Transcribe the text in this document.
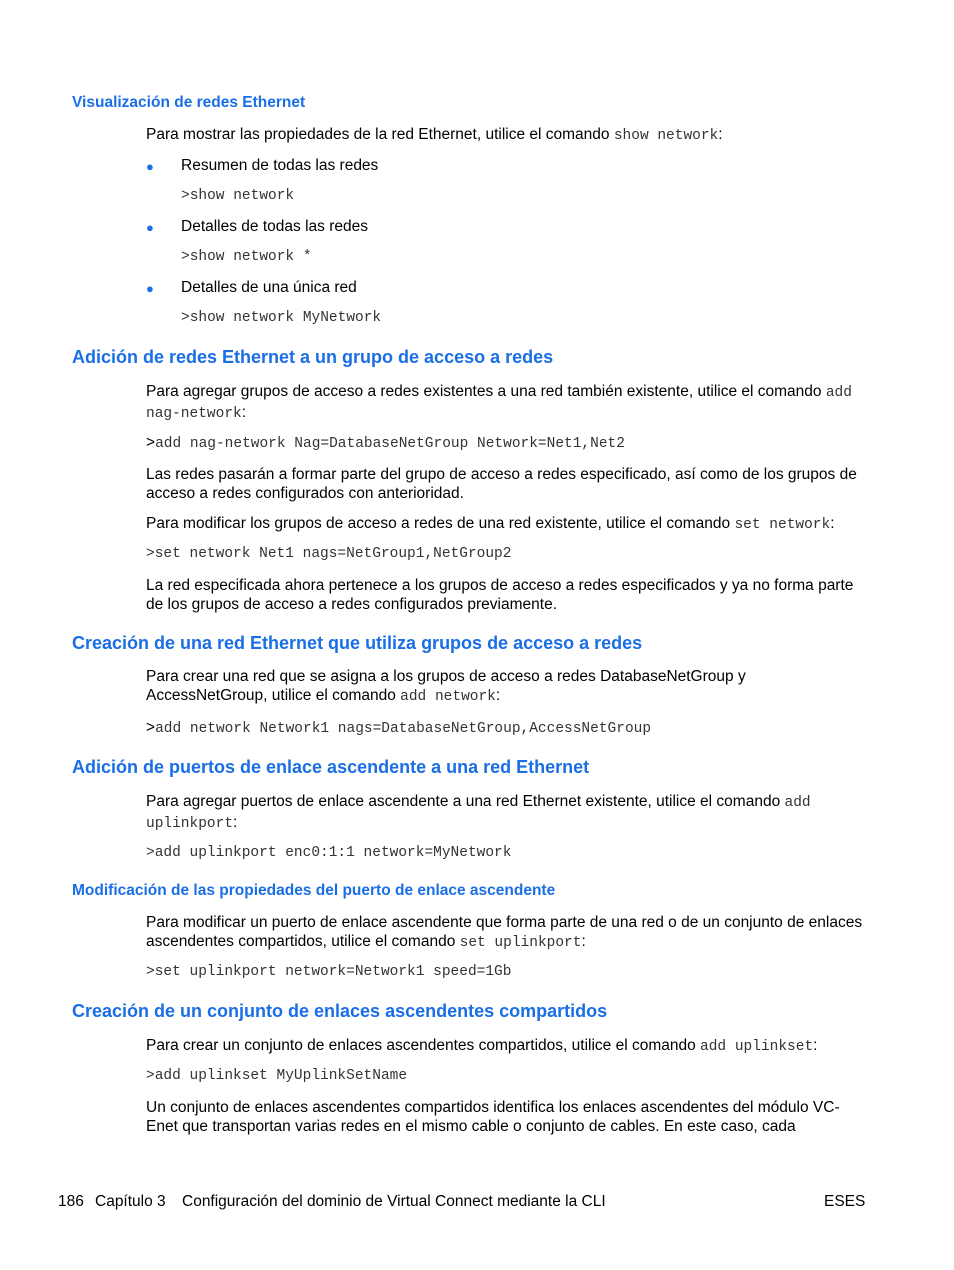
Visualización de redes Ethernet
Para mostrar las propiedades de la red Ethernet, utilice el comando show network:
● Resumen de todas las redes
>show network
● Detalles de todas las redes
>show network *
● Detalles de una única red
>show network MyNetwork
Adición de redes Ethernet a un grupo de acceso a redes
Para agregar grupos de acceso a redes existentes a una red también existente, utilice el comando add nag-network:
>add nag-network Nag=DatabaseNetGroup Network=Net1,Net2
Las redes pasarán a formar parte del grupo de acceso a redes especificado, así como de los grupos de acceso a redes configurados con anterioridad.
Para modificar los grupos de acceso a redes de una red existente, utilice el comando set network:
>set network Net1 nags=NetGroup1,NetGroup2
La red especificada ahora pertenece a los grupos de acceso a redes especificados y ya no forma parte de los grupos de acceso a redes configurados previamente.
Creación de una red Ethernet que utiliza grupos de acceso a redes
Para crear una red que se asigna a los grupos de acceso a redes DatabaseNetGroup y AccessNetGroup, utilice el comando add network:
>add network Network1 nags=DatabaseNetGroup,AccessNetGroup
Adición de puertos de enlace ascendente a una red Ethernet
Para agregar puertos de enlace ascendente a una red Ethernet existente, utilice el comando add uplinkport:
>add uplinkport enc0:1:1 network=MyNetwork
Modificación de las propiedades del puerto de enlace ascendente
Para modificar un puerto de enlace ascendente que forma parte de una red o de un conjunto de enlaces ascendentes compartidos, utilice el comando set uplinkport:
>set uplinkport network=Network1 speed=1Gb
Creación de un conjunto de enlaces ascendentes compartidos
Para crear un conjunto de enlaces ascendentes compartidos, utilice el comando add uplinkset:
>add uplinkset MyUplinkSetName
Un conjunto de enlaces ascendentes compartidos identifica los enlaces ascendentes del módulo VC-Enet que transportan varias redes en el mismo cable o conjunto de cables. En este caso, cada
186 Capítulo 3 Configuración del dominio de Virtual Connect mediante la CLI	ESES
